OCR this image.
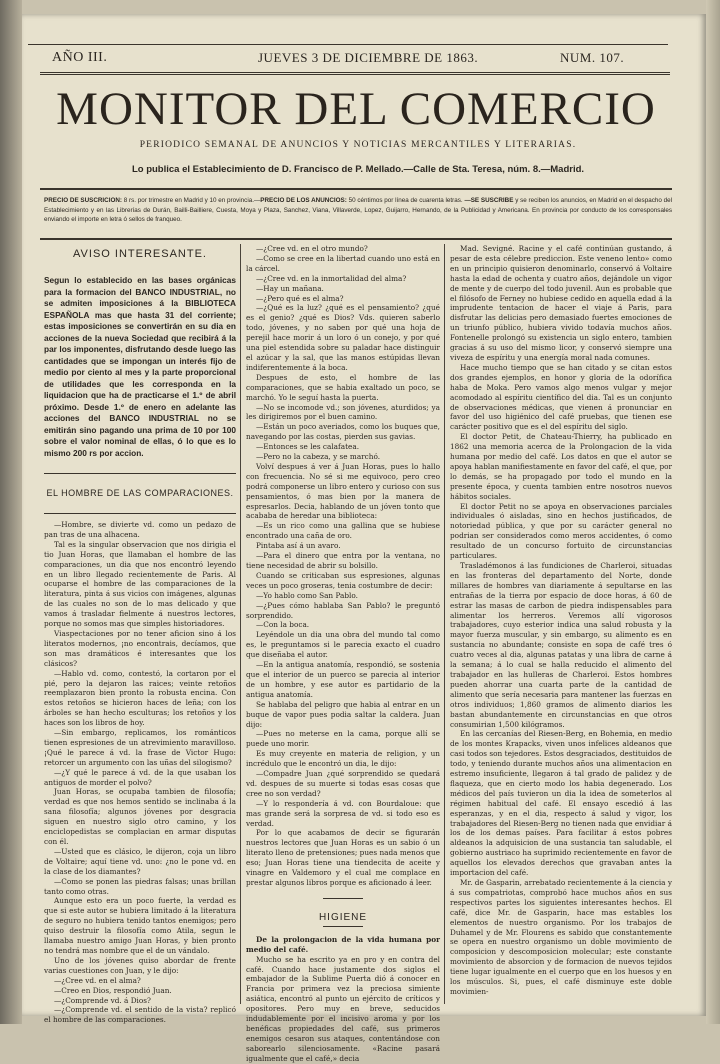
AÑO III.	JUEVES 3 DE DICIEMBRE DE 1863.	NUM. 107.
MONITOR DEL COMERCIO
PERIODICO SEMANAL DE ANUNCIOS Y NOTICIAS MERCANTILES Y LITERARIAS.
Lo publica el Establecimiento de D. Francisco de P. Mellado.—Calle de Sta. Teresa, núm. 8.—Madrid.
PRECIO DE SUSCRICION: 8 rs. por trimestre en Madrid y 10 en provincia.—PRECIO DE LOS ANUNCIOS: 50 céntimos por línea de cuarenta letras. —SE SUSCRIBE y se reciben los anuncios, en Madrid en el despacho del Establecimiento y en las Librerías de Durán, Bailli-Bailliere, Cuesta, Moya y Plaza, Sanchez, Viana, Villaverde, Lopez, Guijarro, Hernando, de la Publicidad y Americana. En provincia por conducto de los corresponsales enviando el importe en letra ó sellos de franqueo.
AVISO INTERESANTE.

Segun lo establecido en las bases orgánicas para la formacion del BANCO INDUSTRIAL, no se admiten imposiciones á la BIBLIOTECA ESPAÑOLA mas que hasta 31 del corriente; estas imposiciones se convertirán en su dia en acciones de la nueva Sociedad que recibirá á la par los imponentes, disfrutando desde luego las cantidades que se impongan un interés fijo de medio por ciento al mes y la parte proporcional de utilidades que les corresponda en la liquidacion que ha de practicarse el 1.º de abril próximo. Desde 1.º de enero en adelante las acciones del BANCO INDUSTRIAL no se emitirán sino pagando una prima de 10 por 100 sobre el valor nominal de ellas, ó lo que es lo mismo 200 rs por accion.

EL HOMBRE DE LAS COMPARACIONES.

—Hombre, se divierte vd. como un pedazo de pan tras de una alhacena.

Tal es la singular observacion que nos dirigia el tio Juan Horas, que llamaban el hombre de las comparaciones, un dia que nos encontró leyendo en un libro llegado recientemente de Paris. Al ocuparse el hombre de las comparaciones de la literatura, pinta á sus vicios con imágenes, algunas de las cuales no son de lo mas delicado y que vamos á trasladar fielmente á nuestros lectores, porque no somos mas que simples historiadores.

Viaspectaciones por no tener aficion sino á los literatos modernos, ¡no encontrais, decíamos, que son mas dramáticos é interesantes que los clásicos?

—Hablo vd. como, contestó, la cortaron por el pié, pero la dejaron las raices; veinte retoños reemplazaron bien pronto la robusta encina. Con estos retoños se hicieron haces de leña; con los árboles se han hecho esculturas; los retoños y los haces son los libros de hoy.

—Sin embargo, replicamos, los románticos tienen espresiones de un atrevimiento maravilloso. ¡Qué le parece á vd. la frase de Victor Hugo: retorcer un argumento con las uñas del silogismo?

—¿Y qué le parece á vd. de la que usaban los antiguos de morder el polvo?

Juan Horas, se ocupaba tambien de filosofía; verdad es que nos hemos sentido se inclinaba á la sana filosofía; algunos jóvenes por desgracia siguen en nuestro siglo otro camino, y los enciclopedistas se complacian en armar disputas con él.

—Usted que es clásico, le dijeron, coja un libro de Voltaire; aquí tiene vd. uno: ¿no le pone vd. en la clase de los diamantes?

—Como se ponen las piedras falsas; unas brillan tanto como otras.

Aunque esto era un poco fuerte, la verdad es que si este autor se hubiera limitado á la literatura de seguro no hubiera tenido tantos enemigos; pero quiso destruir la filosofía como Atila, segun le llamaba nuestro amigo Juan Horas, y bien pronto no tendrá mas nombre que el de un vándalo.

Uno de los jóvenes quiso abordar de frente varias cuestiones con Juan, y le dijo:

—¿Cree vd. en el alma?

—Creo en Dios, respondió Juan.

—¿Comprende vd. á Dios?

—¿Comprende vd. el sentido de la vista? replicó el hombre de las comparaciones.

—¿Cree vd. en el otro mundo?

—Como se cree en la libertad cuando uno está en la cárcel.

—¿Cree vd. en la inmortalidad del alma?

—Hay un mañana.

—¿Pero qué es el alma?

—¿Qué es la luz? ¿qué es el pensamiento? ¿qué es el genio? ¿qué es Dios? Vds. quieren saberlo todo, jóvenes, y no saben por qué una hoja de perejil hace morir á un loro ó un conejo, y por qué una piel estendida sobre su paladar hace distinguir el azúcar y la sal, que las manos estúpidas llevan indiferentemente á la boca.

Despues de esto, el hombre de las comparaciones, que se habia exaltado un poco, se marchó. Yo le seguí hasta la puerta.

—No se incomode vd.; son jóvenes, aturdidos; ya les dirigiremos por el buen camino.

—Están un poco averiados, como los buques que, navegando por las costas, pierden sus gavias.

—Entonces se les calafatea.

—Pero no la cabeza, y se marchó.

Volví despues á ver á Juan Horas, pues lo hallo con frecuencia. No sé si me equivoco, pero creo podrá componerse un libro entero y curioso con sus pensamientos, ó mas bien por la manera de espresarlos. Decia, hablando de un jóven tonto que acababa de heredar una biblioteca:

—Es un rico como una gallina que se hubiese encontrado una caña de oro.

Pintaba así á un avaro.

—Para el dinero que entra por la ventana, no tiene necesidad de abrir su bolsillo.

Cuando se criticaban sus espresiones, algunas veces un poco groseras, tenia costumbre de decir:

—Yo hablo como San Pablo.

—¿Pues cómo hablaba San Pablo? le preguntó sorprendido.

—Con la boca.

Leyéndole un dia una obra del mundo tal como es, le preguntamos si le parecia exacto el cuadro que diseñaba el autor.

—En la antigua anatomía, respondió, se sostenia que el interior de un puerco se parecia al interior de un hombre, y ese autor es partidario de la antigua anatomía.

Se hablaba del peligro que habia al entrar en un buque de vapor pues podia saltar la caldera. Juan dijo:

—Pues no meterse en la cama, porque allí se puede uno morir.

Es muy creyente en materia de religion, y un incrédulo que le encontró un dia, le dijo:

—Compadre Juan ¿qué sorprendido se quedará vd. despues de su muerte si todas esas cosas que cree no son verdad?

—Y lo respondería á vd. con Bourdaloue: que mas grande será la sorpresa de vd. si todo eso es verdad.

Por lo que acabamos de decir se figurarán nuestros lectores que Juan Horas es un sabio ó un literato lleno de pretensiones; pues nada menos que eso; Juan Horas tiene una tiendecita de aceite y vinagre en Valdemoro y el cual me complace en prestar algunos libros porque es aficionado á leer.

HIGIENE

De la prolongacion de la vida humana por medio del café.

Mucho se ha escrito ya en pro y en contra del café. Cuando hace justamente dos siglos el embajador de la Sublime Puerta dió á conocer en Francia por primera vez la preciosa simiente asiática, encontró al punto un ejército de críticos y opositores. Pero muy en breve, seducidos indudablemente por el incisivo aroma y por los benéficas propiedades del café, sus primeros enemigos cesaron sus ataques, contentándose con saborearlo silenciosamente. «Racine pasará igualmente que el café,» decia

Mad. Sevigné. Racine y el café continúan gustando, á pesar de esta célebre prediccion. Este veneno lento» como en un principio quisieron denominarlo, conservó á Voltaire hasta la edad de ochenta y cuatro años, dejándole un vigor de mente y de cuerpo del todo juvenil. Aun es probable que el filósofo de Ferney no hubiese cedido en aquella edad á la imprudente tentacion de hacer el viaje á Paris, para disfrutar las delicias pero demasiado fuertes emociones de un triunfo público, hubiera vivido todavía muchos años. Fontenelle prolongó su existencia un siglo entero, tambien gracias á su uso del mismo licor, y conservó siempre una viveza de espíritu y una energía moral nada comunes.

Hace mucho tiempo que se han citado y se citan estos dos grandes ejemplos, en honor y gloria de la odorífica haba de Moka. Pero vamos algo menos vulgar y mejor acomodado al espíritu científico del dia. Tal es un conjunto de observaciones médicas, que vienen á pronunciar en favor del uso higiénico del café pruebas, que tienen ese carácter positivo que es el del espíritu del siglo.

El doctor Petit, de Chateau-Thierry, ha publicado en 1862 una memoria acerca de la Prolongacion de la vida humana por medio del café. Los datos en que el autor se apoya hablan manifiestamente en favor del café, el que, por lo demás, se ha propagado por todo el mundo en la presente época, y cuenta tambien entre nosotros nuevos hábitos sociales.

El doctor Petit no se apoya en observaciones parciales individuales ó aisladas, sino en hechos justificados, de notoriedad pública, y que por su carácter general no podrian ser considerados como meros accidentes, ó como resultado de un concurso fortuito de circunstancias particulares.

Trasladémonos á las fundiciones de Charleroi, situadas en las fronteras del departamento del Norte, donde millares de hombres van diariamente á sepultarse en las entrañas de la tierra por espacio de doce horas, á 60 de estrar las masas de carbon de piedra indispensables para alimentar los herreros. Veremos allí vigorosos trabajadores, cuyo esterior indica una salud robusta y la mayor fuerza muscular, y sin embargo, su alimento es en sustancia no abundante; consiste en sopa de café tres ó cuatro veces al dia, algunas patatas y una libra de carne á la semana; á lo cual se halla reducido el alimento del trabajador en las hulleras de Charleroi. Estos hombres pueden ahorrar una cuarta parte de la cantidad de alimento que sería necesaria para mantener las fuerzas en otros individuos; 1,860 gramos de alimento diarios les bastan abundantemente en circunstancias en que otros consumirian 1,500 kilógramos.

En las cercanías del Riesen-Berg, en Bohemia, en medio de los montes Krapacks, viven unos infelices aldeanos que casi todos son tejedores. Estos desgraciados, destituidos de todo, y teniendo durante muchos años una alimentacion en estremo insuficiente, llegaron á tal grado de palidez y de flaqueza, que en cierto modo los habia degenerado. Los médicos del país tuvieron un dia la idea de someterlos al régimen habitual del café. El ensayo escedió á las esperanzas, y en el dia, respecto á salud y vigor, los trabajadores del Riesen-Berg no tienen nada que envidiar á los de los demas países. Para facilitar á estos pobres aldeanos la adquisicion de una sustancia tan saludable, el gobierno austriaco ha suprimido recientemente en favor de aquellos los elevados derechos que gravaban antes la importacion del café.

Mr. de Gasparin, arrebatado recientemente á la ciencia y á sus compatriotas, comprobó hace muchos años en sus respectivos partes los siguientes interesantes hechos. El café, dice Mr. de Gasparin, hace mas estables los elementos de nuestro organismo. Por los trabajos de Duhamel y de Mr. Flourens es sabido que constantemente se opera en nuestro organismo un doble movimiento de composicion y descomposicion molecular; este constante movimiento de absorcion y de formacion de nuevos tejidos tiene lugar igualmente en el cuerpo que en los huesos y en los músculos. Si, pues, el café disminuye este doble movimien-
